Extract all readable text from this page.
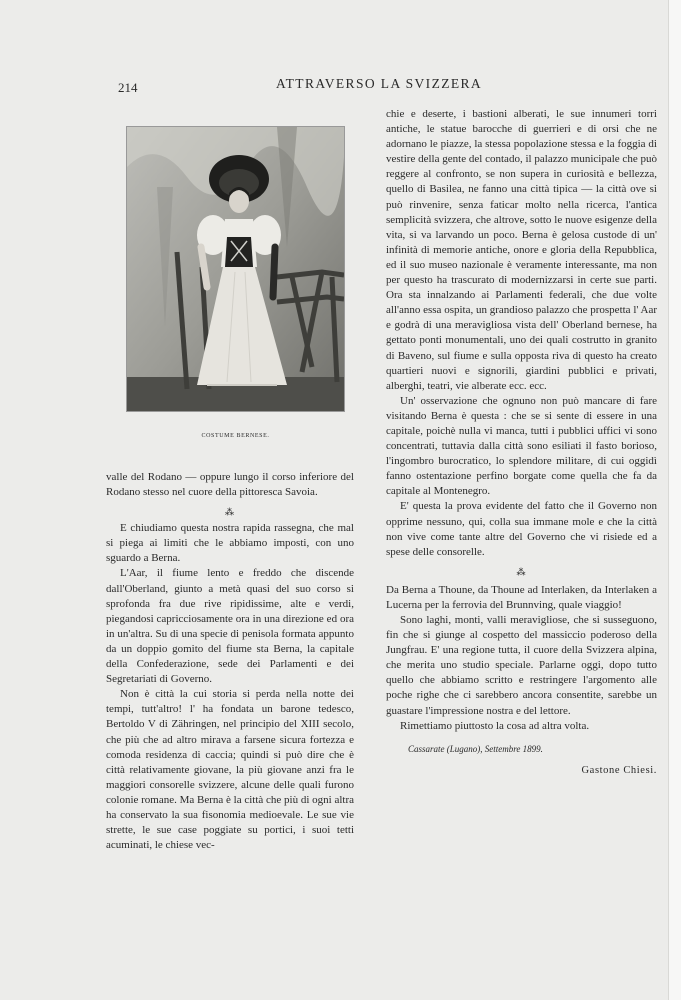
214	ATTRAVERSO LA SVIZZERA
COSTUME BERNESE.

valle del Rodano — oppure lungo il corso inferiore del Rodano stesso nel cuore della pittoresca Savoia.

⁂

E chiudiamo questa nostra rapida rassegna, che mal si piega ai limiti che le abbiamo imposti, con uno sguardo a Berna.

L'Aar, il fiume lento e freddo che discende dall'Oberland, giunto a metà quasi del suo corso si sprofonda fra due rive ripidissime, alte e verdi, piegandosi capricciosamente ora in una direzione ed ora in un'altra. Su di una specie di penisola formata appunto da un doppio gomito del fiume sta Berna, la capitale della Confederazione, sede dei Parlamenti e dei Segretariati di Governo.

Non è città la cui storia si perda nella notte dei tempi, tutt'altro! l' ha fondata un barone tedesco, Bertoldo V di Zähringen, nel principio del XIII secolo, che più che ad altro mirava a farsene sicura fortezza e comoda residenza di caccia; quindi si può dire che è città relativamente giovane, la più giovane anzi fra le maggiori consorelle svizzere, alcune delle quali furono colonie romane. Ma Berna è la città che più di ogni altra ha conservato la sua fisonomia medioevale. Le sue vie strette, le sue case poggiate su portici, i suoi tetti acuminati, le chiese vec-

chie e deserte, i bastioni alberati, le sue innumeri torri antiche, le statue barocche di guerrieri e di orsi che ne adornano le piazze, la stessa popolazione stessa e la foggia di vestire della gente del contado, il palazzo municipale che può reggere al confronto, se non supera in curiosità e bellezza, quello di Basilea, ne fanno una città tipica — la città ove si può rinvenire, senza faticar molto nella ricerca, l'antica semplicità svizzera, che altrove, sotto le nuove esigenze della vita, si va larvando un poco. Berna è gelosa custode di un' infinità di memorie antiche, onore e gloria della Repubblica, ed il suo museo nazionale è veramente interessante, ma non per questo ha trascurato di modernizzarsi in certe sue parti. Ora sta innalzando ai Parlamenti federali, che due volte all'anno essa ospita, un grandioso palazzo che prospetta l' Aar e godrà di una meravigliosa vista dell' Oberland bernese, ha gettato ponti monumentali, uno dei quali costrutto in granito di Baveno, sul fiume e sulla opposta riva di questo ha creato quartieri nuovi e signorili, giardini pubblici e privati, alberghi, teatri, vie alberate ecc. ecc.

Un' osservazione che ognuno non può mancare di fare visitando Berna è questa : che se si sente di essere in una capitale, poichè nulla vi manca, tutti i pubblici uffici vi sono concentrati, tuttavia dalla città sono esiliati il fasto borioso, l'ingombro burocratico, lo splendore militare, di cui oggidì fanno ostentazione perfino borgate come quella che fa da capitale al Montenegro.

E' questa la prova evidente del fatto che il Governo non opprime nessuno, qui, colla sua immane mole e che la città non vive come tante altre del Governo che vi risiede ed a spese delle consorelle.

⁂

Da Berna a Thoune, da Thoune ad Interlaken, da Interlaken a Lucerna per la ferrovia del Brunnving, quale viaggio!

Sono laghi, monti, valli meravigliose, che si susseguono, fin che si giunge al cospetto del massiccio poderoso della Jungfrau. E' una regione tutta, il cuore della Svizzera alpina, che merita uno studio speciale. Parlarne oggi, dopo tutto quello che abbiamo scritto e restringere l'argomento alle poche righe che ci sarebbero ancora consentite, sarebbe un guastare l'impressione nostra e del lettore.

Rimettiamo piuttosto la cosa ad altra volta.

Cassarate (Lugano), Settembre 1899.
Gastone Chiesi.
